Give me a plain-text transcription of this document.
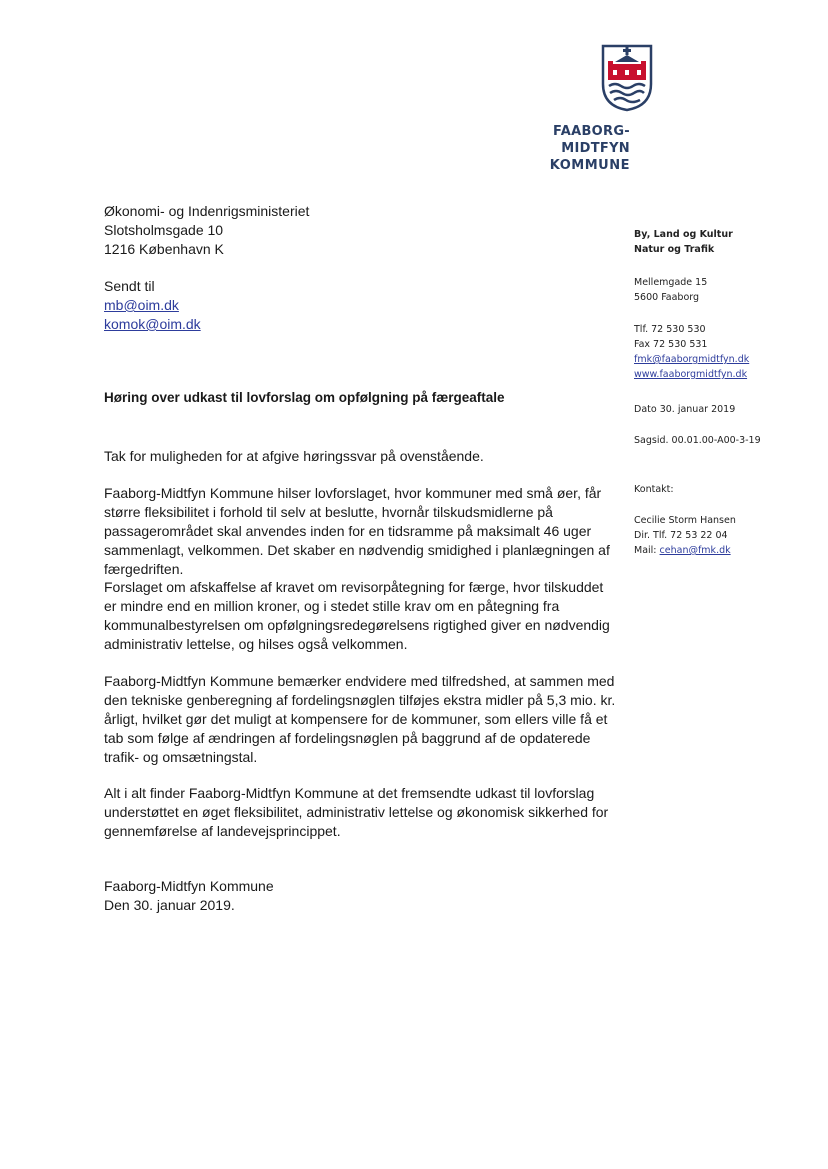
FAABORG-MIDTFYN
KOMMUNE
Økonomi- og Indenrigsministeriet
Slotsholmsgade 10
1216 København K
Sendt til
mb@oim.dk
komok@oim.dk
By, Land og Kultur
Natur og Trafik
Mellemgade 15
5600 Faaborg
Tlf. 72 530 530
Fax 72 530 531
fmk@faaborgmidtfyn.dk
www.faaborgmidtfyn.dk
Dato 30. januar 2019
Sagsid. 00.01.00-A00-3-19
Kontakt:
Cecilie Storm Hansen
Dir. Tlf. 72 53 22 04
Mail: cehan@fmk.dk
Høring over udkast til lovforslag om opfølgning på færgeaftale
Tak for muligheden for at afgive høringssvar på ovenstående.
Faaborg-Midtfyn Kommune hilser lovforslaget, hvor kommuner med små øer, får større fleksibilitet i forhold til selv at beslutte, hvornår tilskudsmidlerne på passagerområdet skal anvendes inden for en tidsramme på maksimalt 46 uger sammenlagt, velkommen. Det skaber en nødvendig smidighed i planlægningen af færgedriften.
Forslaget om afskaffelse af kravet om revisorpåtegning for færge, hvor tilskuddet er mindre end en million kroner, og i stedet stille krav om en påtegning fra kommunalbestyrelsen om opfølgningsredegørelsens rigtighed giver en nødvendig administrativ lettelse, og hilses også velkommen.
Faaborg-Midtfyn Kommune bemærker endvidere med tilfredshed, at sammen med den tekniske genberegning af fordelingsnøglen tilføjes ekstra midler på 5,3 mio. kr. årligt, hvilket gør det muligt at kompensere for de kommuner, som ellers ville få et tab som følge af ændringen af fordelingsnøglen på baggrund af de opdaterede trafik- og omsætningstal.
Alt i alt finder Faaborg-Midtfyn Kommune at det fremsendte udkast til lovforslag understøttet en øget fleksibilitet, administrativ lettelse og økonomisk sikkerhed for gennemførelse af landevejsprincippet.
Faaborg-Midtfyn Kommune
Den 30. januar 2019.
